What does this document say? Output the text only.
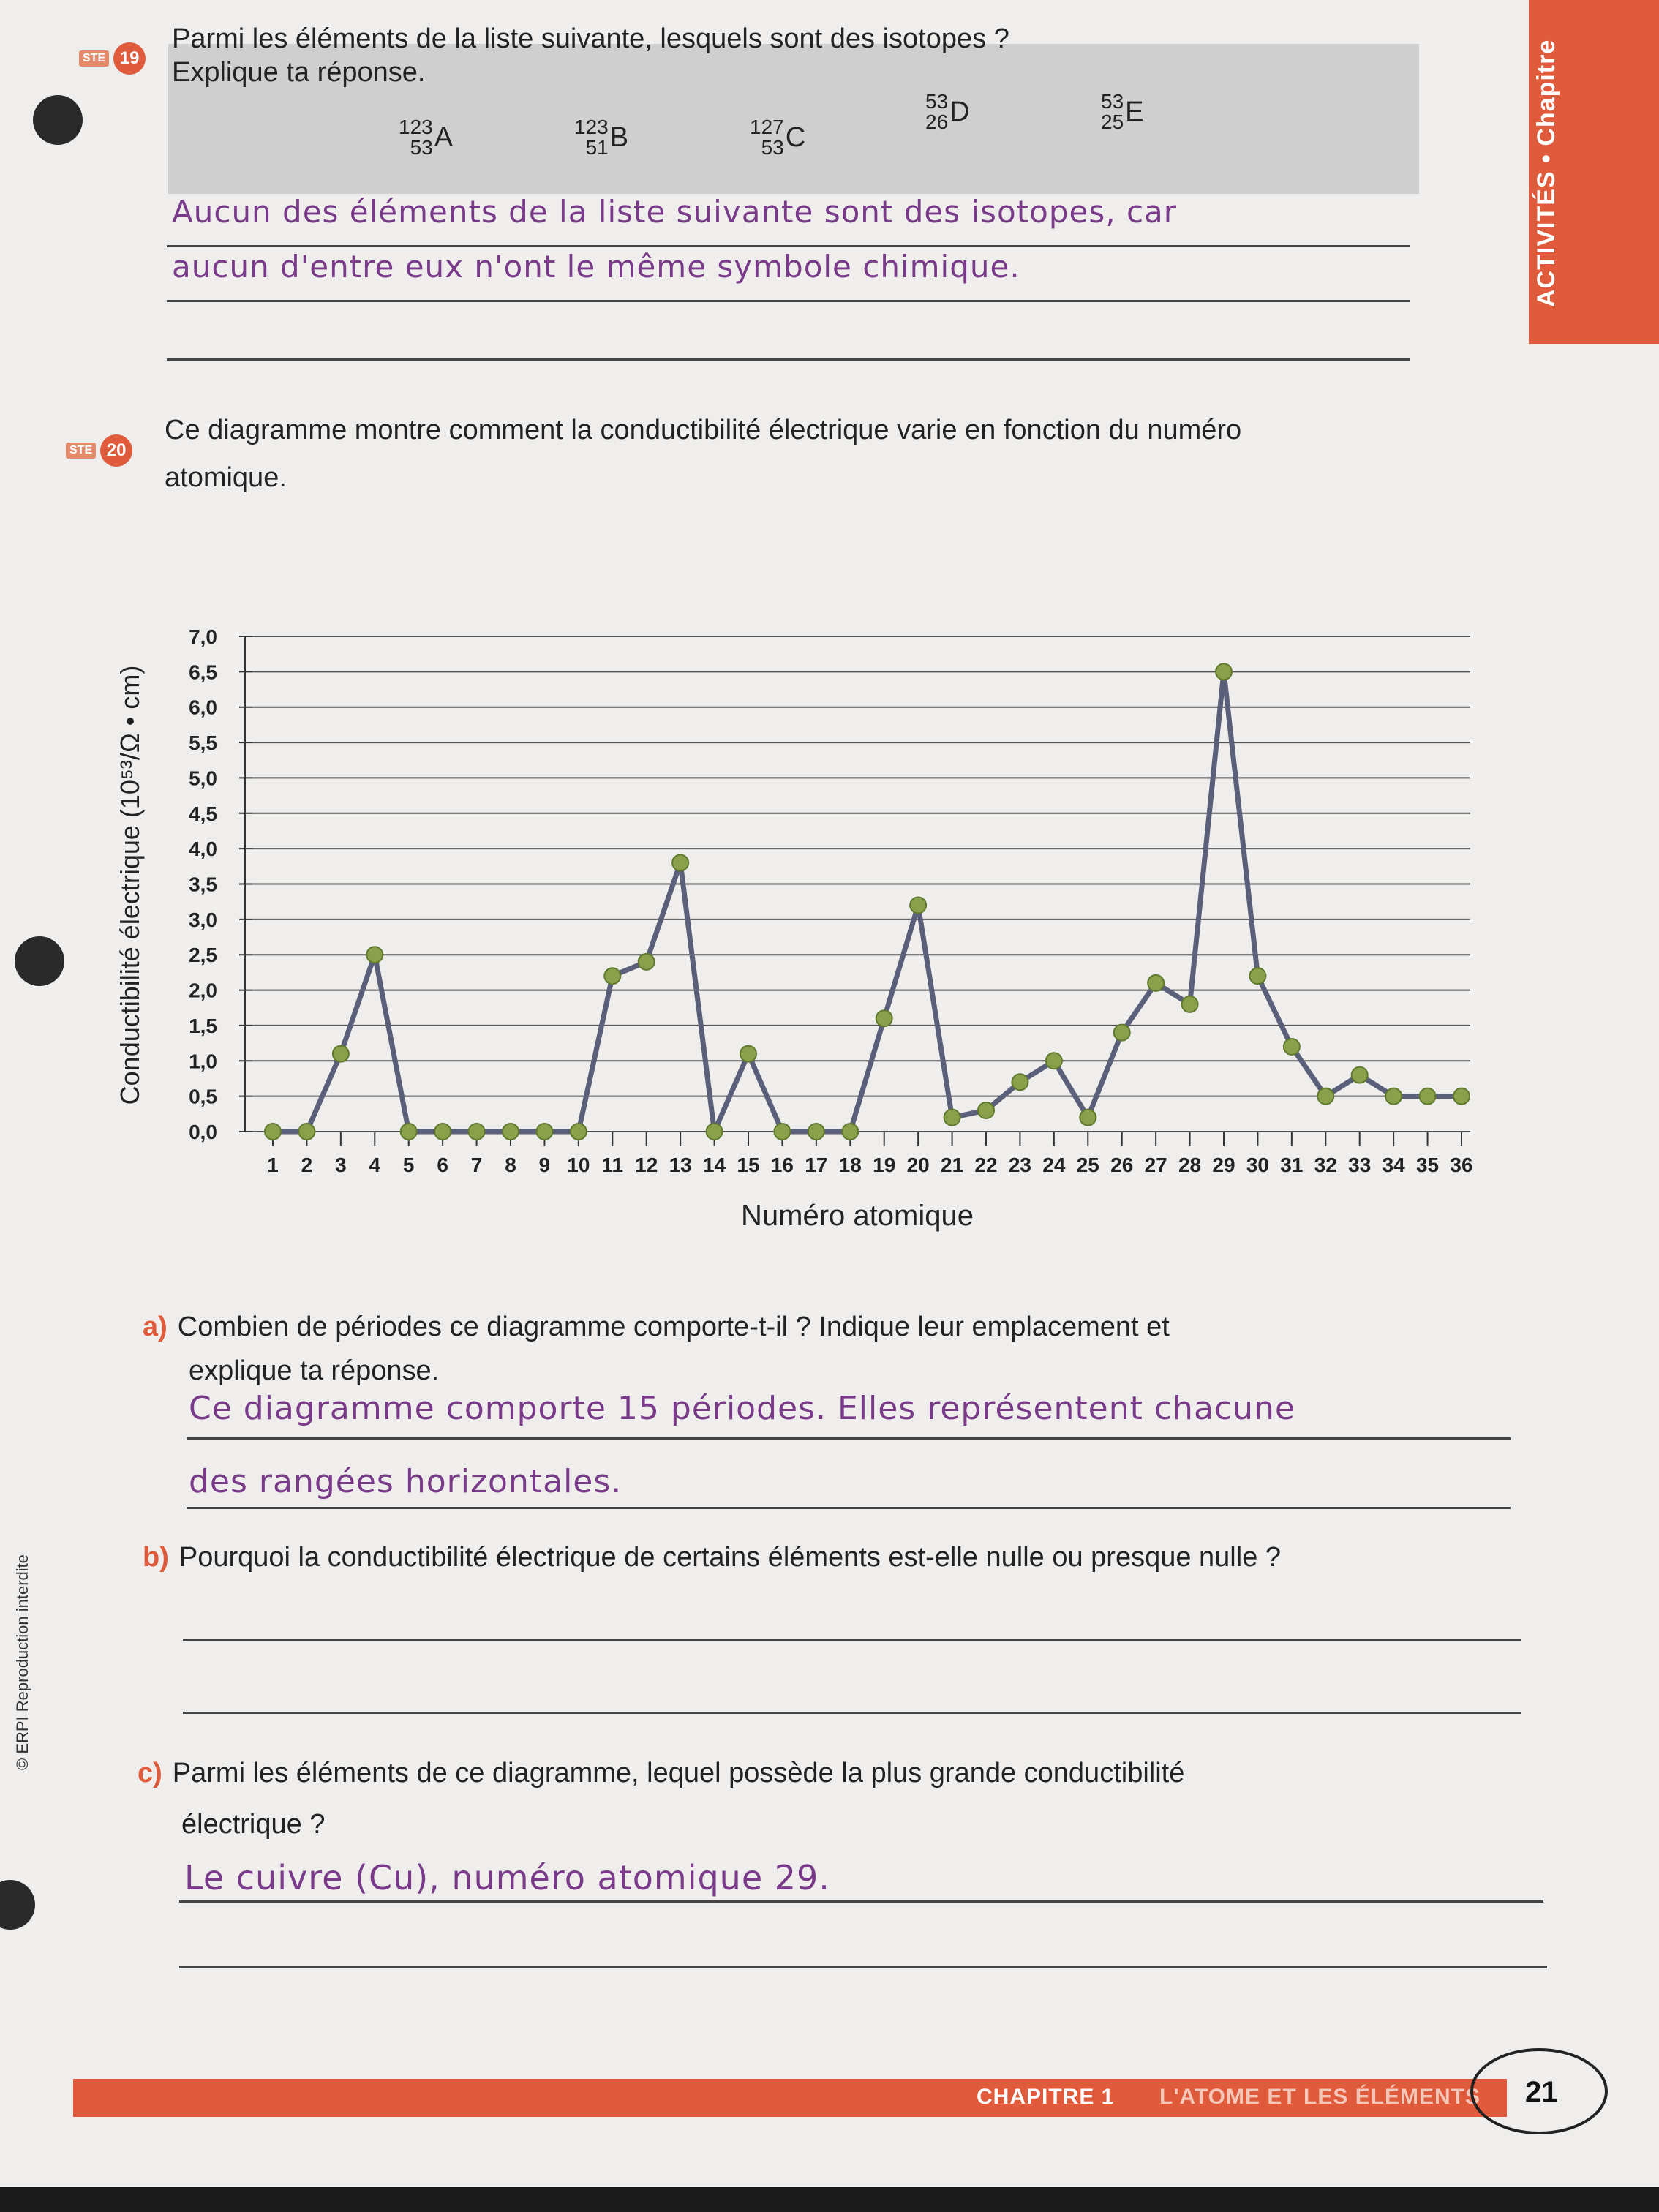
ACTIVITÉS • Chapitre
© ERPI Reproduction interdite
STE 19
Parmi les éléments de la liste suivante, lesquels sont des isotopes ?
Explique ta réponse.
123
53 A	123
51 B	127
53 C
53
26 D	53
25 E
Aucun des éléments de la liste suivante sont des isotopes, car
aucun d'entre eux n'ont le même symbole chimique.
STE 20
Ce diagramme montre comment la conductibilité électrique varie en fonction du numéro
atomique.
0,0
0,5
1,0
1,5
2,0
2,5
3,0
3,5
4,0
4,5
5,0
5,5
6,0
6,5
7,0
1 2 3 4 5 6 7 8 9 10 11 12 13 14 15 16 17 18 19 20 21 22 23 24 25 26 27 28 29 30 31 32 33 34 35 36
Numéro atomique
Conductibilité électrique (10⁵³/Ω • cm)
a) Combien de périodes ce diagramme comporte-t-il ? Indique leur emplacement et
explique ta réponse.
Ce diagramme comporte 15 périodes. Elles représentent chacune
des rangées horizontales.
b) Pourquoi la conductibilité électrique de certains éléments est-elle nulle ou presque nulle ?
c) Parmi les éléments de ce diagramme, lequel possède la plus grande conductibilité
électrique ?
Le cuivre (Cu), numéro atomique 29.
CHAPITRE 1 L'ATOME ET LES ÉLÉMENTS 21
